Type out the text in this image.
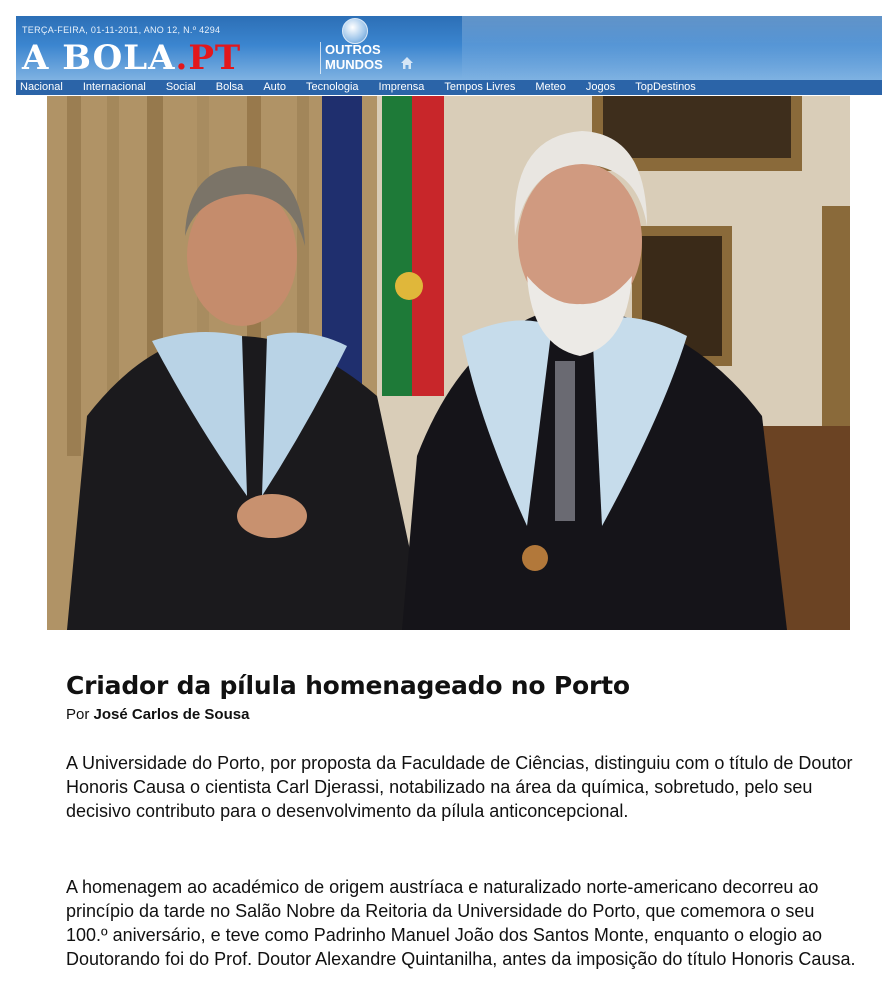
TERÇA-FEIRA, 01-11-2011, ANO 12, N.º 4294
A BOLA.PT	OUTROS
MUNDOS
Nacional	Internacional	Social	Bolsa	Auto	Tecnologia	Imprensa	Tempos Livres	Meteo	Jogos	TopDestinos
Criador da pílula homenageado no Porto
Por José Carlos de Sousa

A Universidade do Porto, por proposta da Faculdade de Ciências, distinguiu com o título de Doutor Honoris Causa o cientista Carl Djerassi, notabilizado na área da química, sobretudo, pelo seu decisivo contributo para o desenvolvimento da pílula anticoncepcional.

A homenagem ao académico de origem austríaca e naturalizado norte-americano decorreu ao princípio da tarde no Salão Nobre da Reitoria da Universidade do Porto, que comemora o seu 100.º aniversário, e teve como Padrinho Manuel João dos Santos Monte, enquanto o elogio ao Doutorando foi do Prof. Doutor Alexandre Quintanilha, antes da imposição do título Honoris Causa.
